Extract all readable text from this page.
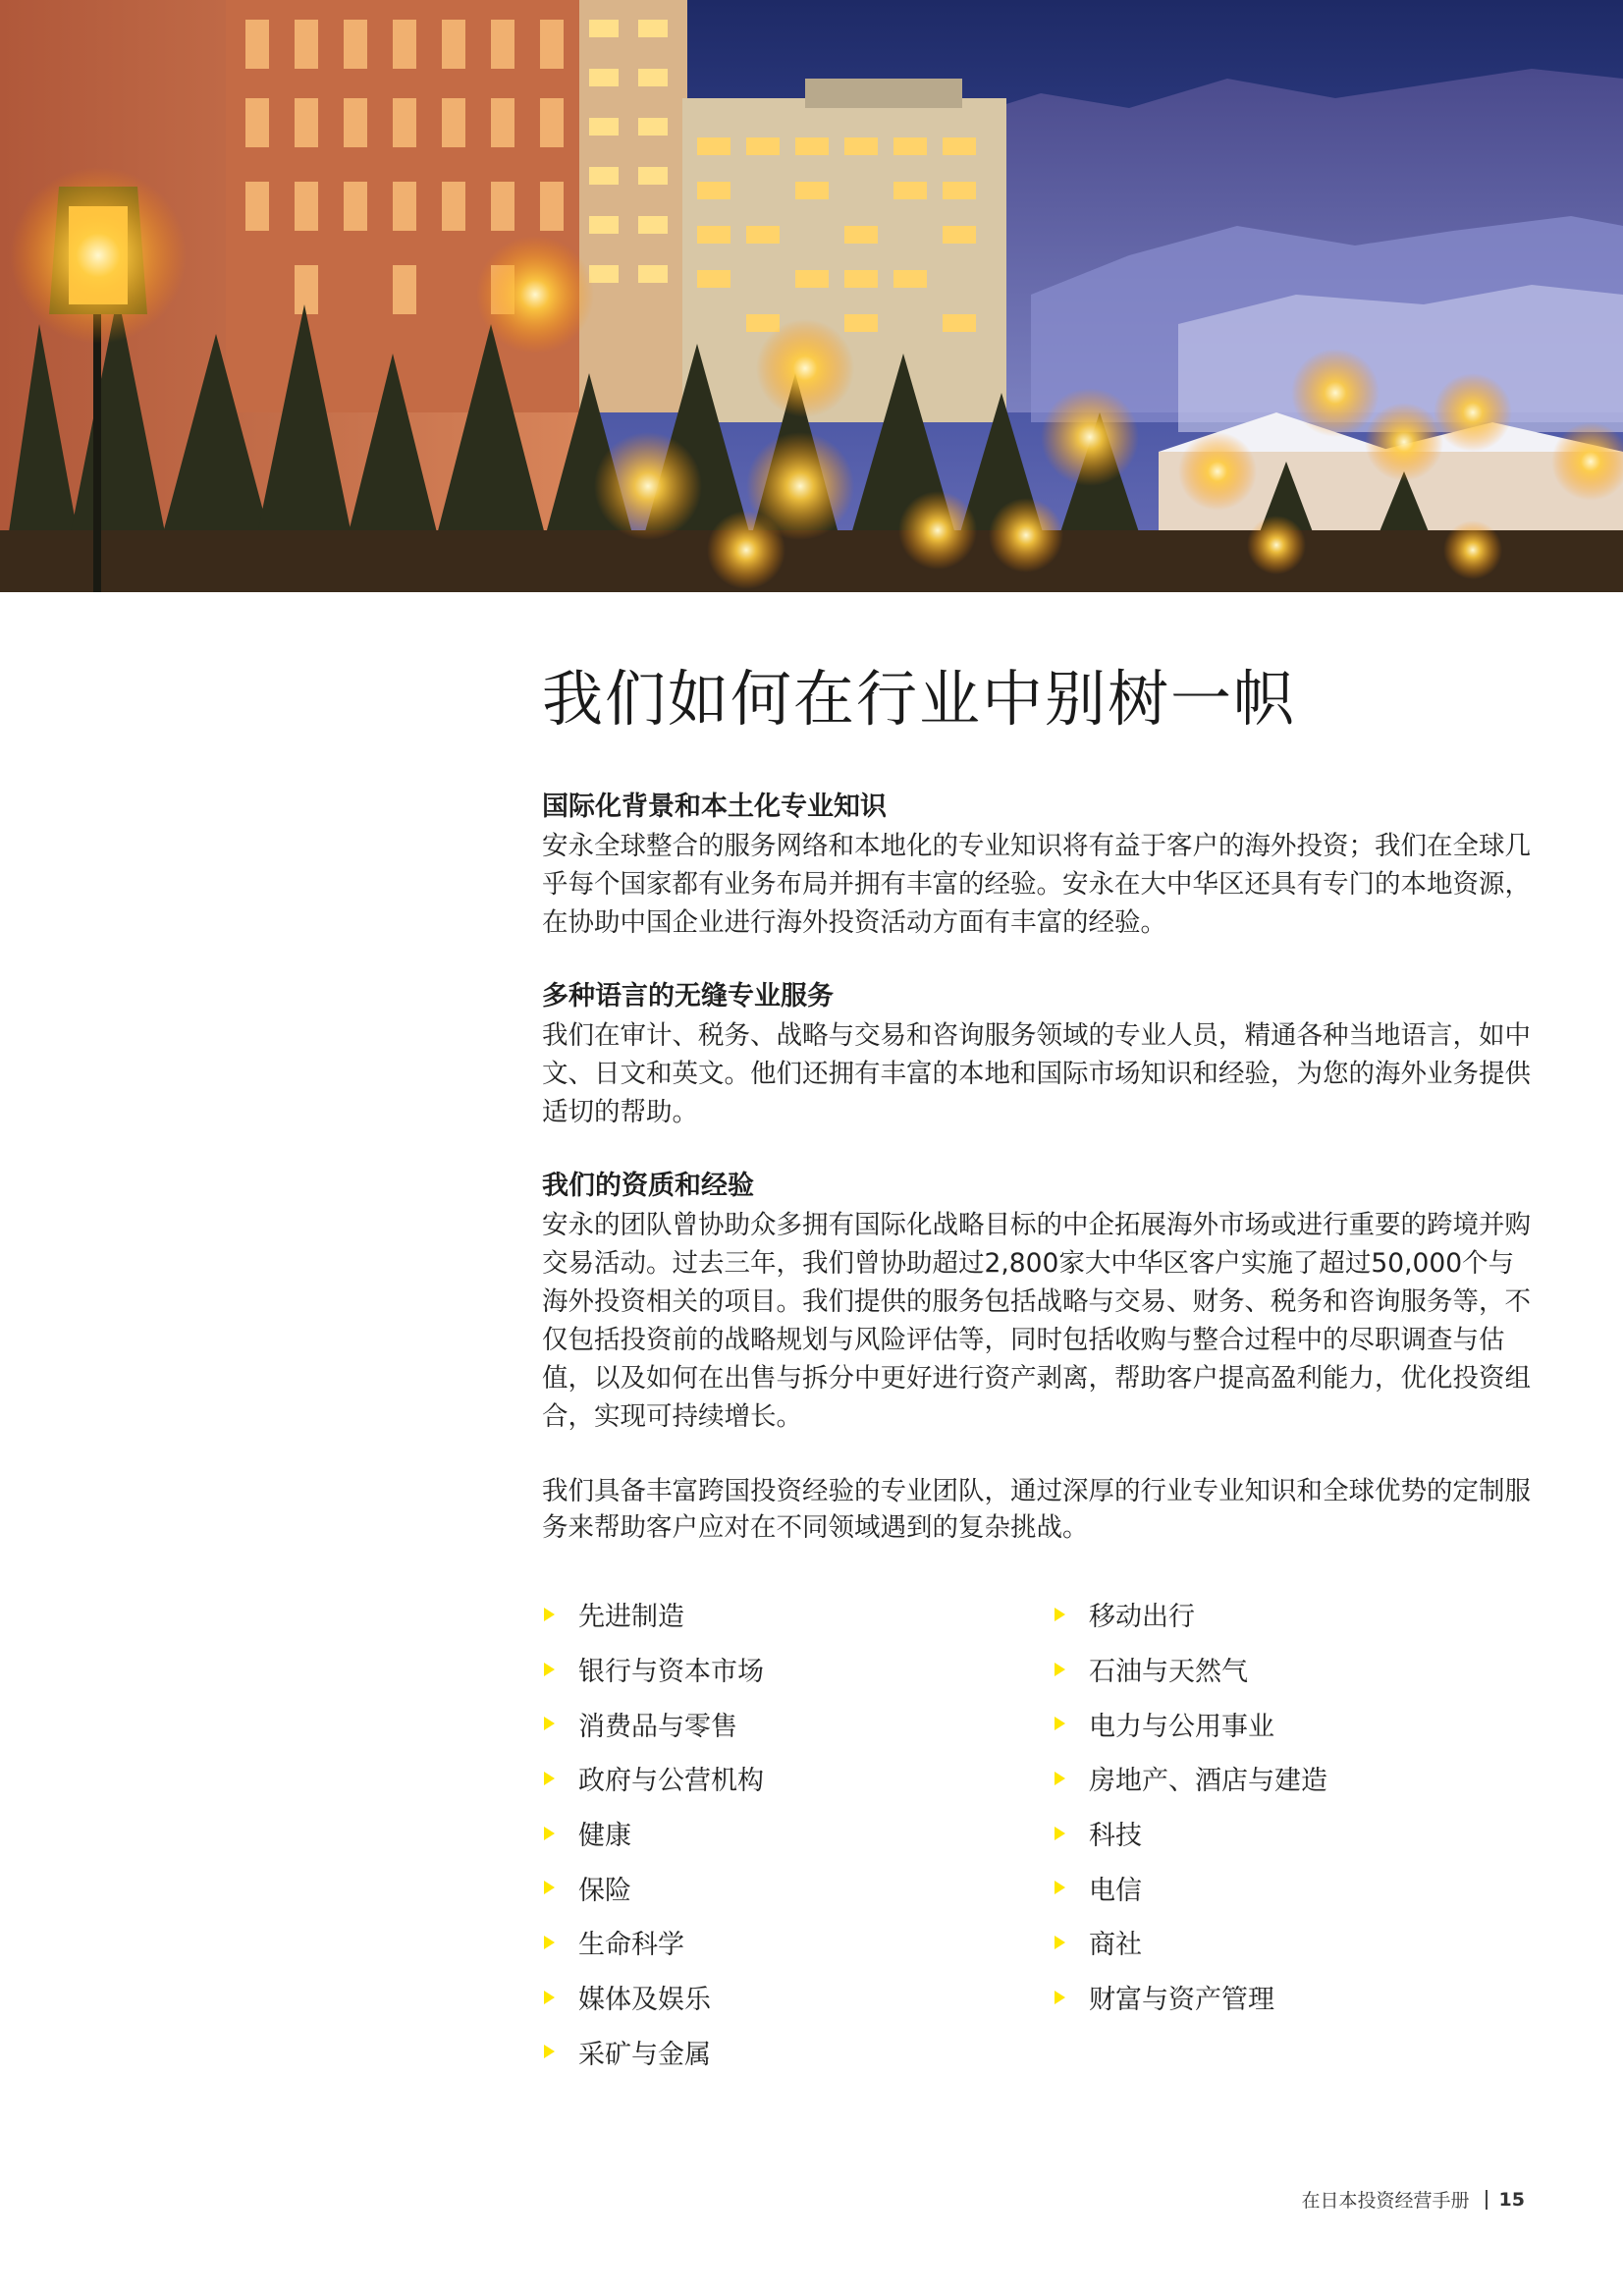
我们如何在行业中别树一帜
国际化背景和本土化专业知识

安永全球整合的服务网络和本地化的专业知识将有益于客户的海外投资；我们在全球几乎每个国家都有业务布局并拥有丰富的经验。安永在大中华区还具有专门的本地资源，在协助中国企业进行海外投资活动方面有丰富的经验。

多种语言的无缝专业服务

我们在审计、税务、战略与交易和咨询服务领域的专业人员，精通各种当地语言，如中文、日文和英文。他们还拥有丰富的本地和国际市场知识和经验，为您的海外业务提供适切的帮助。

我们的资质和经验

安永的团队曾协助众多拥有国际化战略目标的中企拓展海外市场或进行重要的跨境并购交易活动。过去三年，我们曾协助超过2,800家大中华区客户实施了超过50,000个与海外投资相关的项目。我们提供的服务包括战略与交易、财务、税务和咨询服务等，不仅包括投资前的战略规划与风险评估等，同时包括收购与整合过程中的尽职调查与估值，以及如何在出售与拆分中更好进行资产剥离，帮助客户提高盈利能力，优化投资组合，实现可持续增长。

我们具备丰富跨国投资经验的专业团队，通过深厚的行业专业知识和全球优势的定制服务来帮助客户应对在不同领域遇到的复杂挑战。

先进制造
银行与资本市场
消费品与零售
政府与公营机构
健康
保险
生命科学
媒体及娱乐
采矿与金属
移动出行
石油与天然气
电力与公用事业
房地产、酒店与建造
科技
电信
商社
财富与资产管理
在日本投资经营手册 15
